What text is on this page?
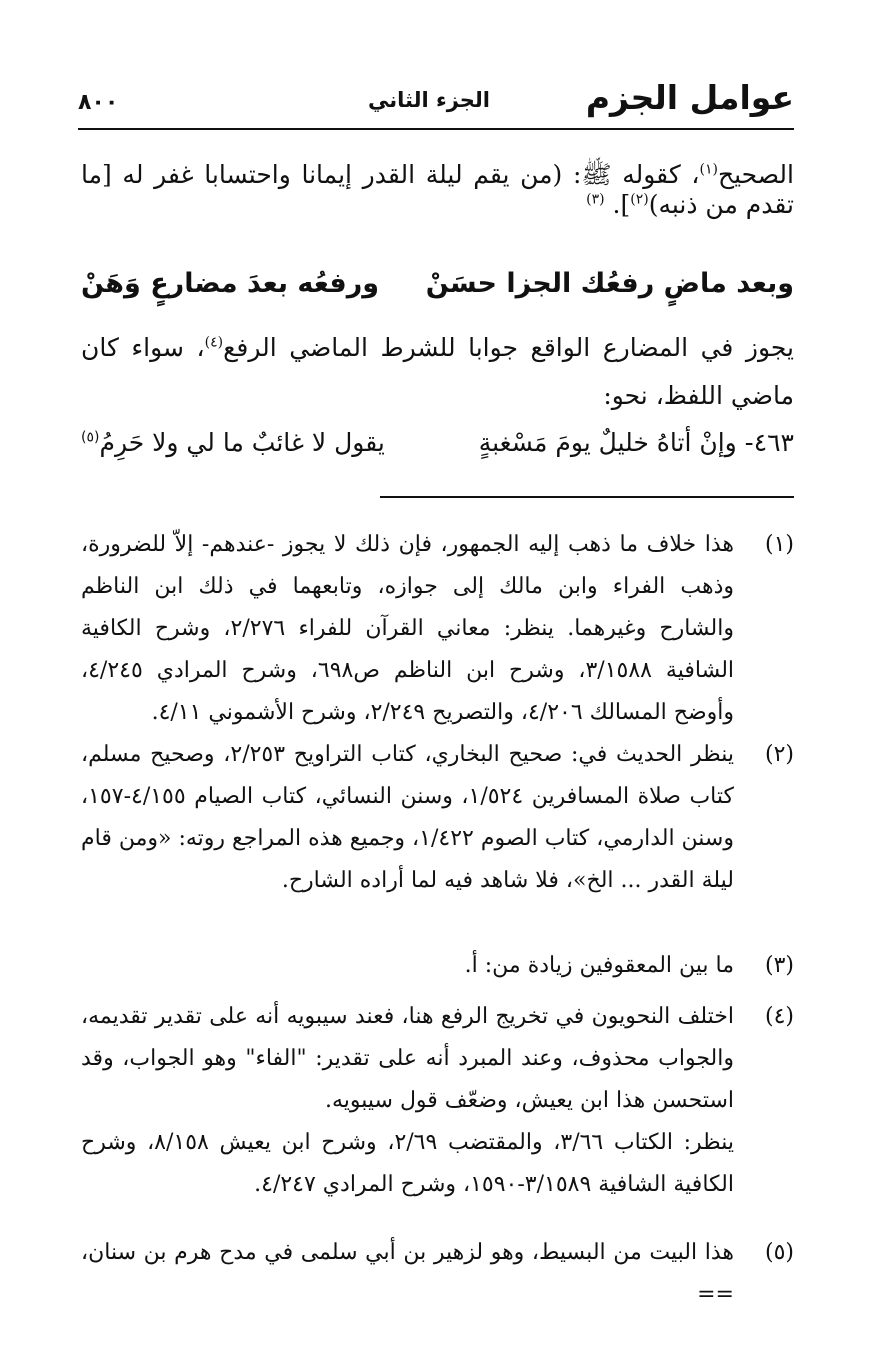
عوامل الجزم
الجزء الثاني
٨٠٠
الصحيح$^{(١)}$، كقوله ﷺ: (من يقم ليلة القدر إيمانا واحتسابا غفر له [ما تقدم من ذنبه)$^{(٢)}$]. $^{(٣)}$
وبعد ماضٍ رفعُك الجزا حسَنْ
ورفعُه بعدَ مضارعٍ وَهَنْ
يجوز في المضارع الواقع جوابا للشرط الماضي الرفع$^{(٤)}$، سواء كان ماضي اللفظ، نحو:
٤٦٣- وإنْ أتاهُ خليلٌ يومَ مَسْغبةٍ
يقول لا غائبٌ ما لي ولا حَرِمُ$^{(٥)}$
(١)
هذا خلاف ما ذهب إليه الجمهور، فإن ذلك لا يجوز -عندهم- إلاّ للضرورة، وذهب الفراء وابن مالك إلى جوازه، وتابعهما في ذلك ابن الناظم والشارح وغيرهما. ينظر: معاني القرآن للفراء ٢/٢٧٦، وشرح الكافية الشافية ٣/١٥٨٨، وشرح ابن الناظم ص٦٩٨، وشرح المرادي ٤/٢٤٥، وأوضح المسالك ٤/٢٠٦، والتصريح ٢/٢٤٩، وشرح الأشموني ٤/١١.
(٢)
ينظر الحديث في: صحيح البخاري، كتاب التراويح ٢/٢٥٣، وصحيح مسلم، كتاب صلاة المسافرين ١/٥٢٤، وسنن النسائي، كتاب الصيام ٤/١٥٥-١٥٧، وسنن الدارمي، كتاب الصوم ١/٤٢٢، وجميع هذه المراجع روته: «ومن قام ليلة القدر ... الخ»، فلا شاهد فيه لما أراده الشارح.
(٣)
ما بين المعقوفين زيادة من: أ.
(٤)
اختلف النحويون في تخريج الرفع هنا، فعند سيبويه أنه على تقدير تقديمه، والجواب محذوف، وعند المبرد أنه على تقدير: "الفاء" وهو الجواب، وقد استحسن هذا ابن يعيش، وضعّف قول سيبويه.
ينظر: الكتاب ٣/٦٦، والمقتضب ٢/٦٩، وشرح ابن يعيش ٨/١٥٨، وشرح الكافية الشافية ٣/١٥٨٩-١٥٩٠، وشرح المرادي ٤/٢٤٧.
(٥)
هذا البيت من البسيط، وهو لزهير بن أبي سلمى في مدح هرم بن سنان، ==
